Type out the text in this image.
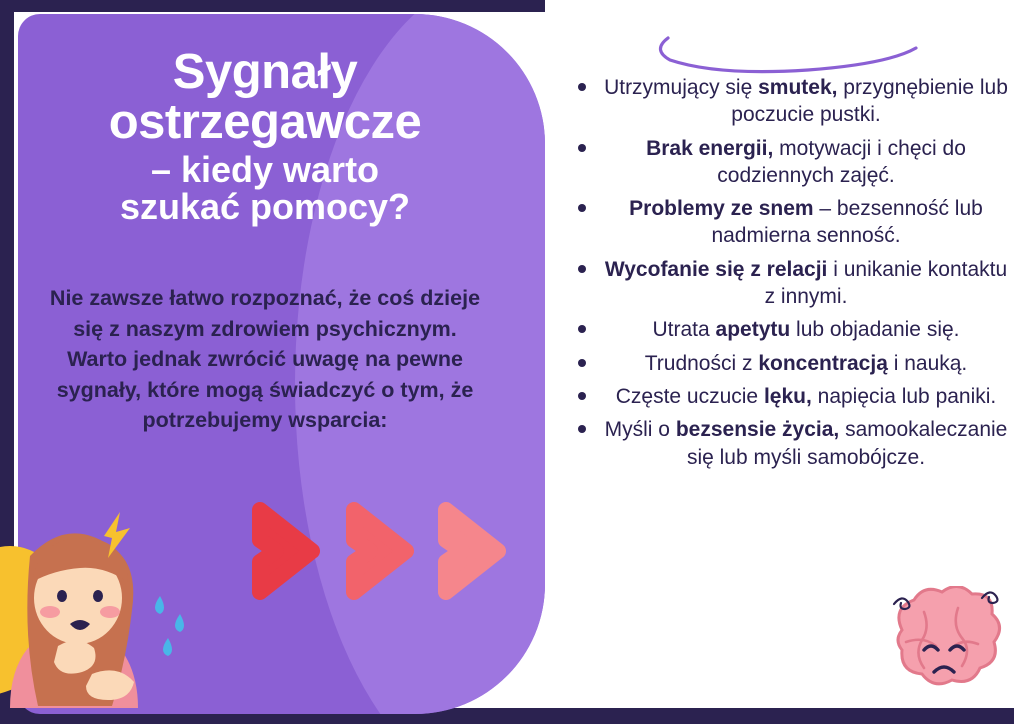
Sygnały
ostrzegawcze
– kiedy warto
szukać pomocy?
Nie zawsze łatwo rozpoznać, że coś dzieje się z naszym zdrowiem psychicznym. Warto jednak zwrócić uwagę na pewne sygnały, które mogą świadczyć o tym, że potrzebujemy wsparcia:
Utrzymujący się smutek, przygnębienie lub poczucie pustki.
Brak energii, motywacji i chęci do codziennych zajęć.
Problemy ze snem – bezsenność lub nadmierna senność.
Wycofanie się z relacji i unikanie kontaktu z innymi.
Utrata apetytu lub objadanie się.
Trudności z koncentracją i nauką.
Częste uczucie lęku, napięcia lub paniki.
Myśli o bezsensie życia, samookaleczanie się lub myśli samobójcze.
